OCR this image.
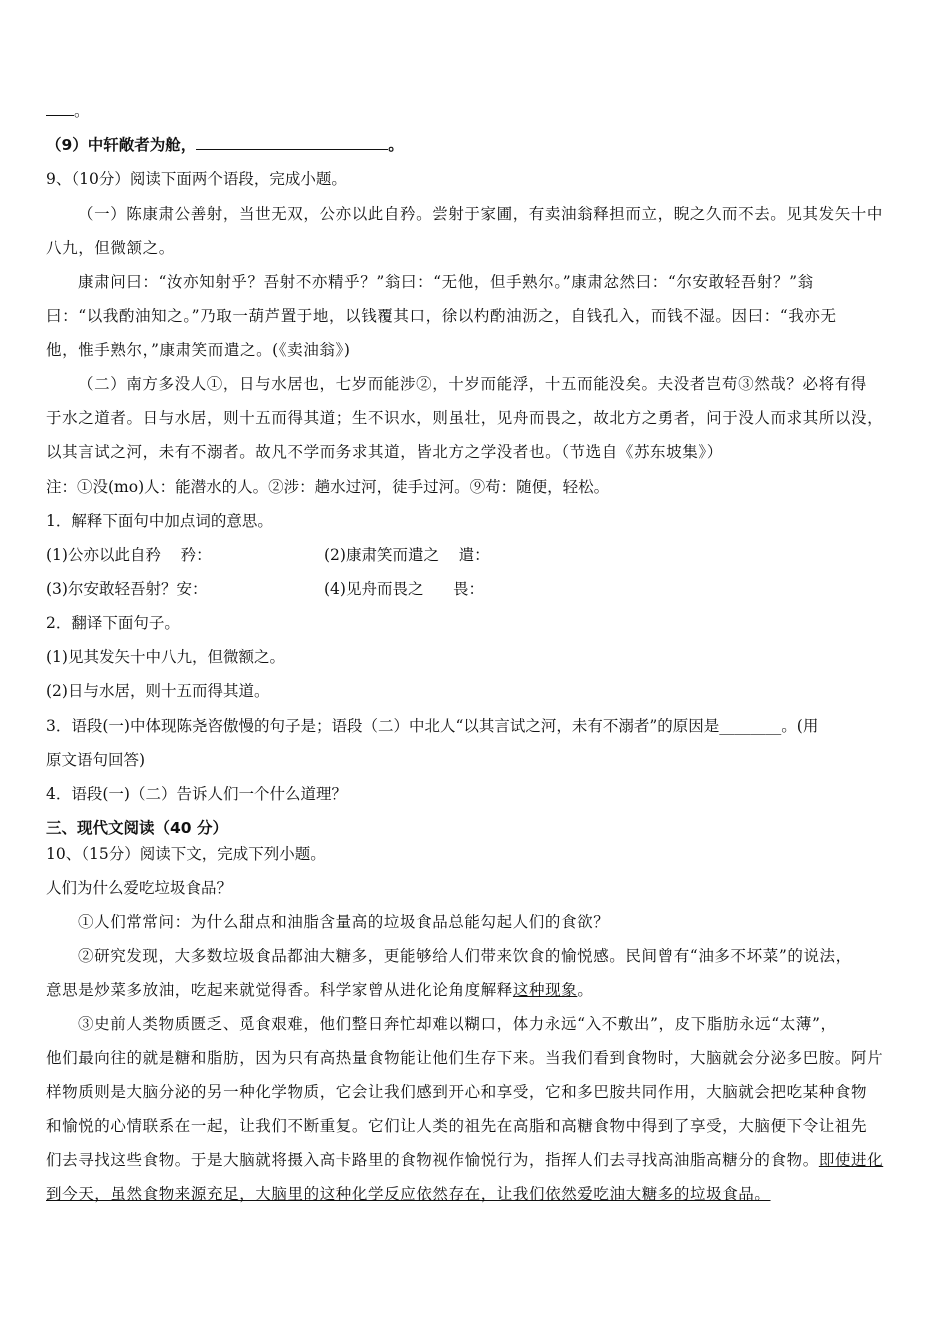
。
（9）中轩敞者为舱，	。
9、（10分）阅读下面两个语段，完成小题。
（一）陈康肃公善射，当世无双，公亦以此自矜。尝射于家圃，有卖油翁释担而立，睨之久而不去。见其发矢十中
八九，但微颔之。
康肃问曰：“汝亦知射乎？吾射不亦精乎？”翁曰：“无他，但手熟尔。”康肃忿然曰：“尔安敢轻吾射？”翁
曰：“以我酌油知之。”乃取一葫芦置于地，以钱覆其口，徐以杓酌油沥之，自钱孔入，而钱不湿。因曰：“我亦无
他，惟手熟尔，”康肃笑而遣之。(《卖油翁》)
（二）南方多没人①，日与水居也，七岁而能涉②，十岁而能浮，十五而能没矣。夫没者岂苟③然哉？必将有得
于水之道者。日与水居，则十五而得其道；生不识水，则虽壮，见舟而畏之，故北方之勇者，问于没人而求其所以没，
以其言试之河，未有不溺者。故凡不学而务求其道，皆北方之学没者也。（节选自《苏东坡集》）
注：①没(mo)人：能潜水的人。②涉：趟水过河，徒手过河。⑨苟：随便，轻松。
1．解释下面句中加点词的意思。
(1)公亦以此自矜    矜：	(2)康肃笑而遣之    遣：
(3)尔安敢轻吾射？安：	(4)见舟而畏之      畏：
2．翻译下面句子。
(1)见其发矢十中八九，但微额之。
(2)日与水居，则十五而得其道。
3．语段(一)中体现陈尧咨傲慢的句子是；语段（二）中北人“以其言试之河，未有不溺者”的原因是________。(用
原文语句回答)
4．语段(一)（二）告诉人们一个什么道理？
三、现代文阅读（40 分）
10、（15分）阅读下文，完成下列小题。
人们为什么爱吃垃圾食品？
①人们常常问：为什么甜点和油脂含量高的垃圾食品总能勾起人们的食欲？
②研究发现，大多数垃圾食品都油大糖多，更能够给人们带来饮食的愉悦感。民间曾有“油多不坏菜”的说法，
意思是炒菜多放油，吃起来就觉得香。科学家曾从进化论角度解释这种现象。
③史前人类物质匮乏、觅食艰难，他们整日奔忙却难以糊口，体力永远“入不敷出”，皮下脂肪永远“太薄”，
他们最向往的就是糖和脂肪，因为只有高热量食物能让他们生存下来。当我们看到食物时，大脑就会分泌多巴胺。阿片
样物质则是大脑分泌的另一种化学物质，它会让我们感到开心和享受，它和多巴胺共同作用，大脑就会把吃某种食物
和愉悦的心情联系在一起，让我们不断重复。它们让人类的祖先在高脂和高糖食物中得到了享受，大脑便下令让祖先
们去寻找这些食物。于是大脑就将摄入高卡路里的食物视作愉悦行为，指挥人们去寻找高油脂高糖分的食物。即使进化
到今天，虽然食物来源充足，大脑里的这种化学反应依然存在，让我们依然爱吃油大糖多的垃圾食品。
